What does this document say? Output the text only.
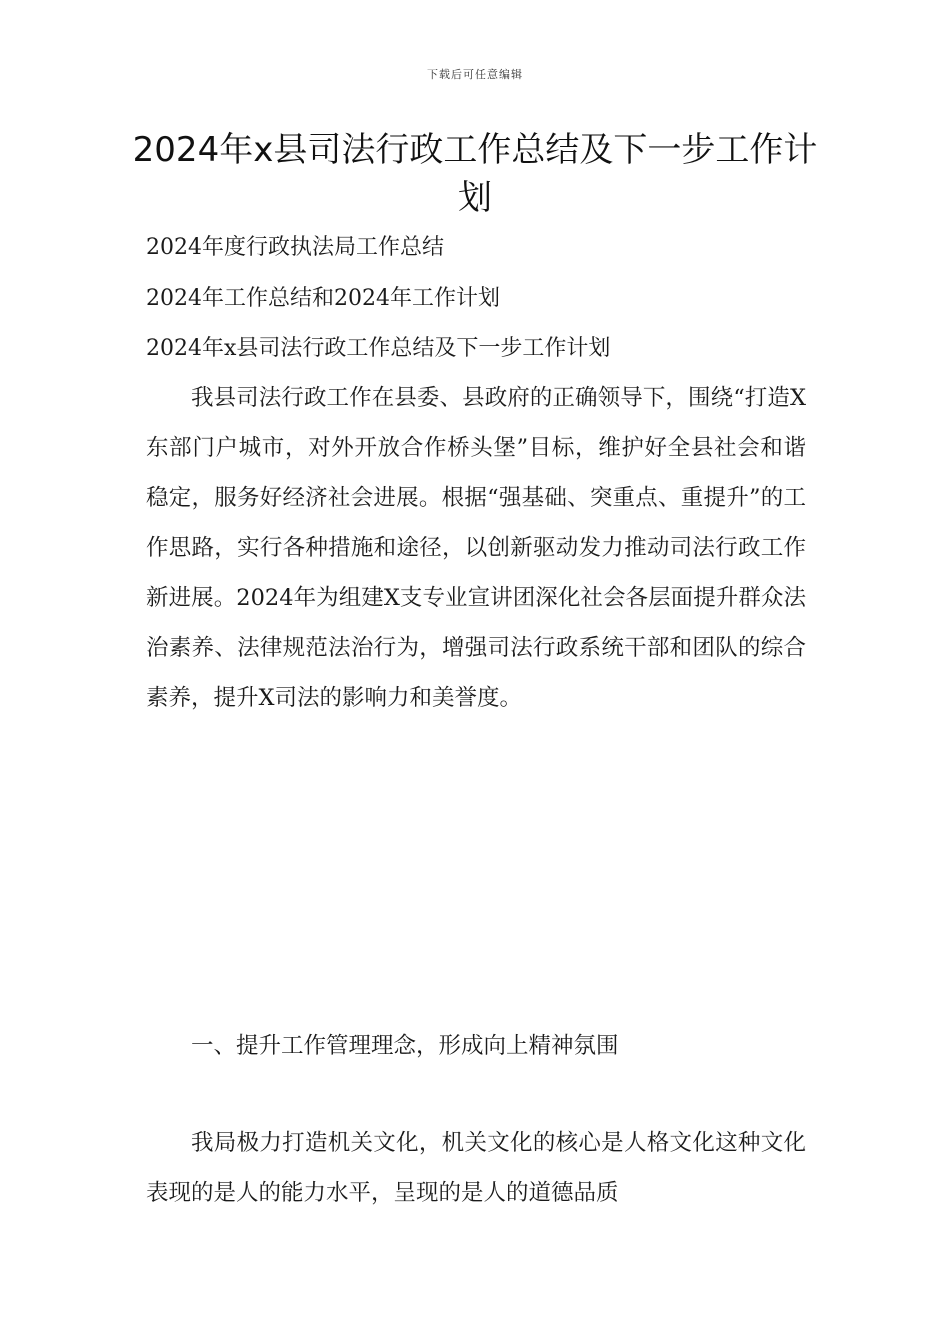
下载后可任意编辑
2024年x县司法行政工作总结及下一步工作计划

2024年度行政执法局工作总结

2024年工作总结和2024年工作计划

2024年x县司法行政工作总结及下一步工作计划

我县司法行政工作在县委、县政府的正确领导下，围绕“打造X东部门户城市，对外开放合作桥头堡”目标，维护好全县社会和谐稳定，服务好经济社会进展。根据“强基础、突重点、重提升”的工作思路，实行各种措施和途径，以创新驱动发力推动司法行政工作新进展。2024年为组建X支专业宣讲团深化社会各层面提升群众法治素养、法律规范法治行为，增强司法行政系统干部和团队的综合素养，提升X司法的影响力和美誉度。

一、提升工作管理理念，形成向上精神氛围

我局极力打造机关文化，机关文化的核心是人格文化这种文化表现的是人的能力水平，呈现的是人的道德品质
